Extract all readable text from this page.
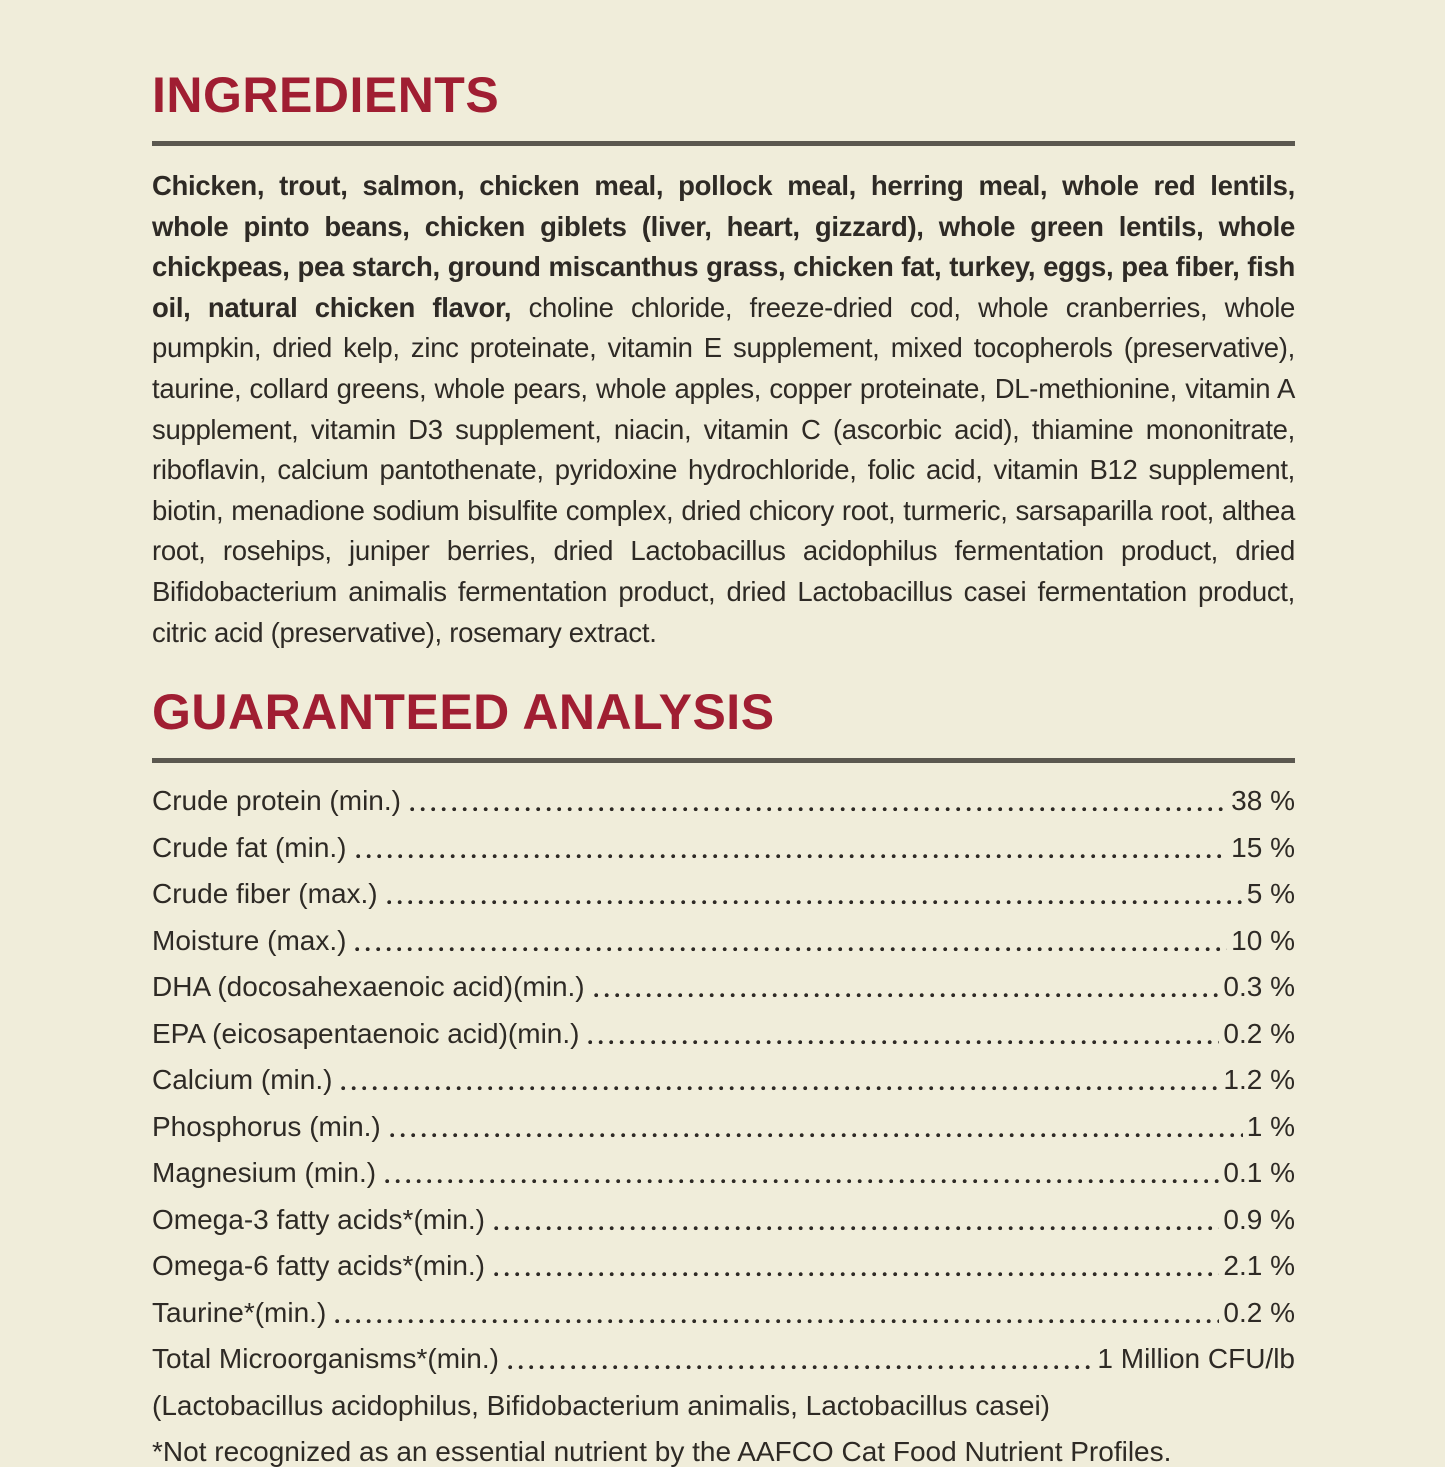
INGREDIENTS

Chicken, trout, salmon, chicken meal, pollock meal, herring meal, whole red lentils, whole pinto beans, chicken giblets (liver, heart, gizzard), whole green lentils, whole chickpeas, pea starch, ground miscanthus grass, chicken fat, turkey, eggs, pea fiber, fish oil, natural chicken flavor, choline chloride, freeze-dried cod, whole cranberries, whole pumpkin, dried kelp, zinc proteinate, vitamin E supplement, mixed tocopherols (preservative), taurine, collard greens, whole pears, whole apples, copper proteinate, DL-methionine, vitamin A supplement, vitamin D3 supplement, niacin, vitamin C (ascorbic acid), thiamine mononitrate, riboflavin, calcium pantothenate, pyridoxine hydrochloride, folic acid, vitamin B12 supplement, biotin, menadione sodium bisulfite complex, dried chicory root, turmeric, sarsaparilla root, althea root, rosehips, juniper berries, dried Lactobacillus acidophilus fermentation product, dried Bifidobacterium animalis fermentation product, dried Lactobacillus casei fermentation product, citric acid (preservative), rosemary extract.

GUARANTEED ANALYSIS
Crude protein (min.)	38 %
Crude fat (min.)	15 %
Crude fiber (max.)	5 %
Moisture (max.)	10 %
DHA (docosahexaenoic acid)(min.)	0.3 %
EPA (eicosapentaenoic acid)(min.)	0.2 %
Calcium (min.)	1.2 %
Phosphorus (min.)	1 %
Magnesium (min.)	0.1 %
Omega-3 fatty acids*(min.)	0.9 %
Omega-6 fatty acids*(min.)	2.1 %
Taurine*(min.)	0.2 %
Total Microorganisms*(min.)	1 Million CFU/lb

(Lactobacillus acidophilus, Bifidobacterium animalis, Lactobacillus casei)

*Not recognized as an essential nutrient by the AAFCO Cat Food Nutrient Profiles.
